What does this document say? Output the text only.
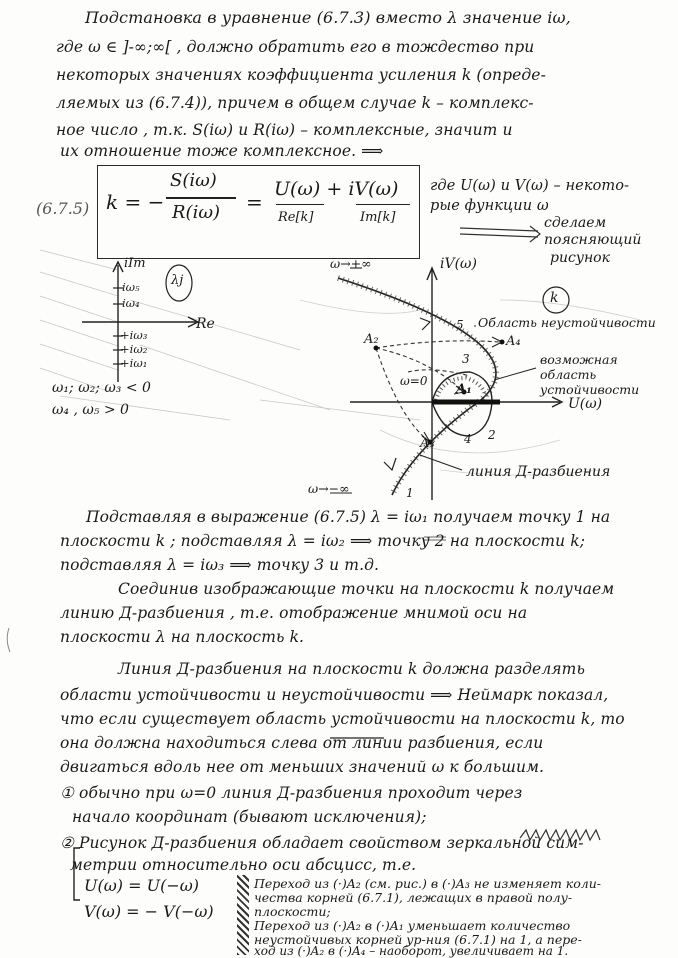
Подстановка в уравнение (6.7.3) вместо λ значение iω,
где ω ∈ ]-∞;∞[ , должно обратить его в тождество при
некоторых значениях коэффициента усиления k (опреде-
ляемых из (6.7.4)), причем в общем случае k – комплекс-
ное число , т.к. S(iω) и R(iω) – комплексные, значит и
их отношение тоже комплексное. ⟹
(6.7.5) k = −
S(iω)
R(iω) =
U(ω) + iV(ω)
Re[k]	Im[k]
где U(ω) и V(ω) – некото-
рые функции ω
сделаем
поясняющий
рисунок
iIm
Re
λj
iω₅
iω₄
+iω₃
+iω₂
+iω₁
ω₁; ω₂; ω₃ < 0
ω₄ , ω₅ > 0
iV(ω)
U(ω)
k
ω→+∞
ω→−∞
Область неустойчивости
возможная
область
устойчивости
линия Д-разбиения
A₁
A₂
A₃
A₄
ω=0
1
2
3
4
5
Подставляя в выражение (6.7.5) λ = iω₁ получаем точку 1 на
плоскости k ; подставляя λ = iω₂ ⟹ точку 2 на плоскости k;
подставляя λ = iω₃ ⟹ точку 3 и т.д.
Соединив изображающие точки на плоскости k получаем
линию Д-разбиения , т.е. отображение мнимой оси на
плоскости λ на плоскость k.
Линия Д-разбиения на плоскости k должна разделять
области устойчивости и неустойчивости ⟹ Неймарк показал,
что если существует область устойчивости на плоскости k, то
она должна находиться слева от линии разбиения, если
двигаться вдоль нее от меньших значений ω к большим.
① обычно при ω=0 линия Д-разбиения проходит через
начало координат (бывают исключения);
② Рисунок Д-разбиения обладает свойством зеркальной сим-
метрии относительно оси абсцисс, т.е.
U(ω) = U(−ω)
V(ω) = − V(−ω)
Переход из (·)A₂ (см. рис.) в (·)A₃ не изменяет коли-
чества корней (6.7.1), лежащих в правой полу-
плоскости;
Переход из (·)A₂ в (·)A₁ уменьшает количество
неустойчивых корней ур-ния (6.7.1) на 1, а пере-
ход из (·)A₂ в (·)A₄ – наоборот, увеличивает на 1.
